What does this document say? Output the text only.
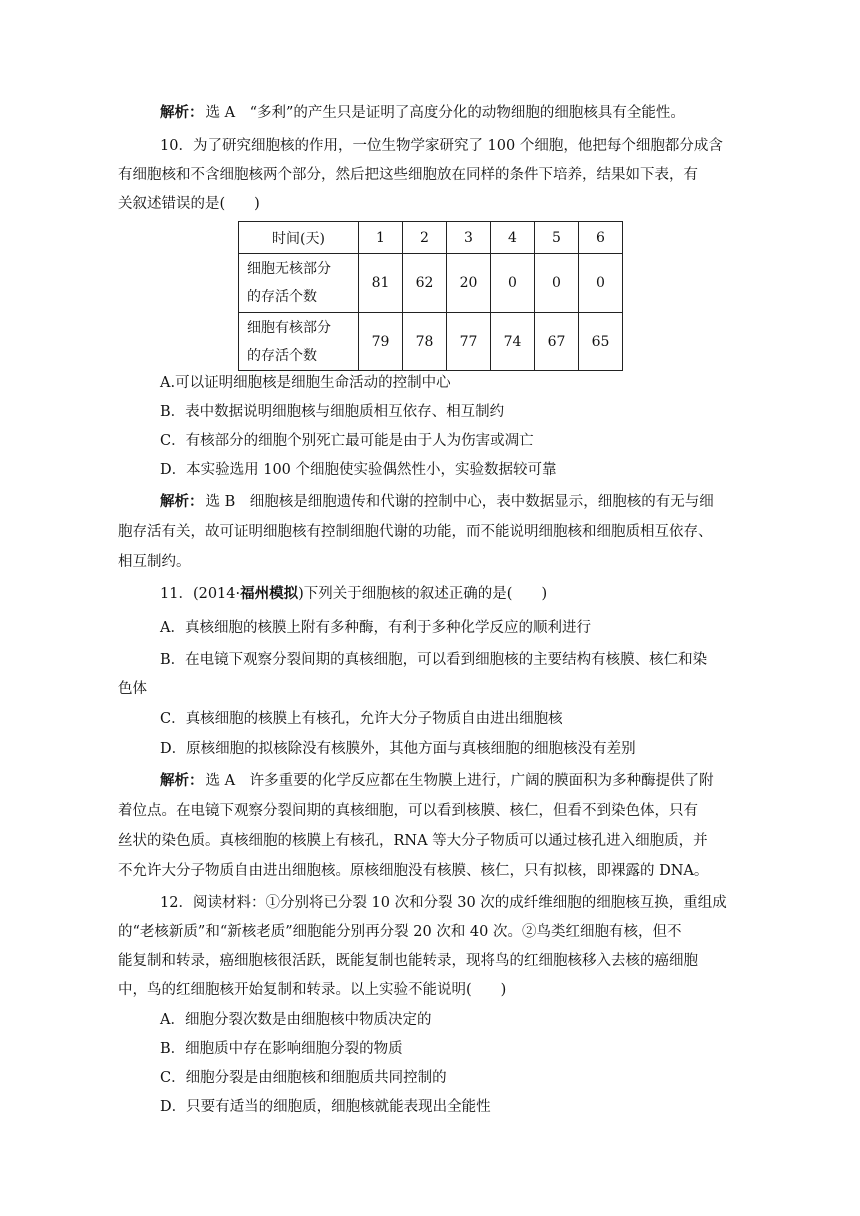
解析： 选 A　“多利”的产生只是证明了高度分化的动物细胞的细胞核具有全能性。
10．为了研究细胞核的作用，一位生物学家研究了 100 个细胞，他把每个细胞都分成含
有细胞核和不含细胞核两个部分，然后把这些细胞放在同样的条件下培养，结果如下表，有
关叙述错误的是(　　)
时间(天)	1	2	3	4	5	6
细胞无核部分
的存活个数	81	62	20	0	0	0
细胞有核部分
的存活个数	79	78	77	74	67	65
A.可以证明细胞核是细胞生命活动的控制中心
B．表中数据说明细胞核与细胞质相互依存、相互制约
C．有核部分的细胞个别死亡最可能是由于人为伤害或凋亡
D．本实验选用 100 个细胞使实验偶然性小，实验数据较可靠
解析： 选 B　细胞核是细胞遗传和代谢的控制中心，表中数据显示，细胞核的有无与细
胞存活有关，故可证明细胞核有控制细胞代谢的功能，而不能说明细胞核和细胞质相互依存、
相互制约。
11．(2014·福州模拟)下列关于细胞核的叙述正确的是(　　)
A．真核细胞的核膜上附有多种酶，有利于多种化学反应的顺利进行
B．在电镜下观察分裂间期的真核细胞，可以看到细胞核的主要结构有核膜、核仁和染
色体
C．真核细胞的核膜上有核孔，允许大分子物质自由进出细胞核
D．原核细胞的拟核除没有核膜外，其他方面与真核细胞的细胞核没有差别
解析： 选 A　许多重要的化学反应都在生物膜上进行，广阔的膜面积为多种酶提供了附
着位点。在电镜下观察分裂间期的真核细胞，可以看到核膜、核仁，但看不到染色体，只有
丝状的染色质。真核细胞的核膜上有核孔，RNA 等大分子物质可以通过核孔进入细胞质，并
不允许大分子物质自由进出细胞核。原核细胞没有核膜、核仁，只有拟核，即裸露的 DNA。
12．阅读材料：①分别将已分裂 10 次和分裂 30 次的成纤维细胞的细胞核互换，重组成
的“老核新质”和“新核老质”细胞能分别再分裂 20 次和 40 次。②鸟类红细胞有核，但不
能复制和转录，癌细胞核很活跃，既能复制也能转录，现将鸟的红细胞核移入去核的癌细胞
中，鸟的红细胞核开始复制和转录。以上实验不能说明(　　)
A．细胞分裂次数是由细胞核中物质决定的
B．细胞质中存在影响细胞分裂的物质
C．细胞分裂是由细胞核和细胞质共同控制的
D．只要有适当的细胞质，细胞核就能表现出全能性
